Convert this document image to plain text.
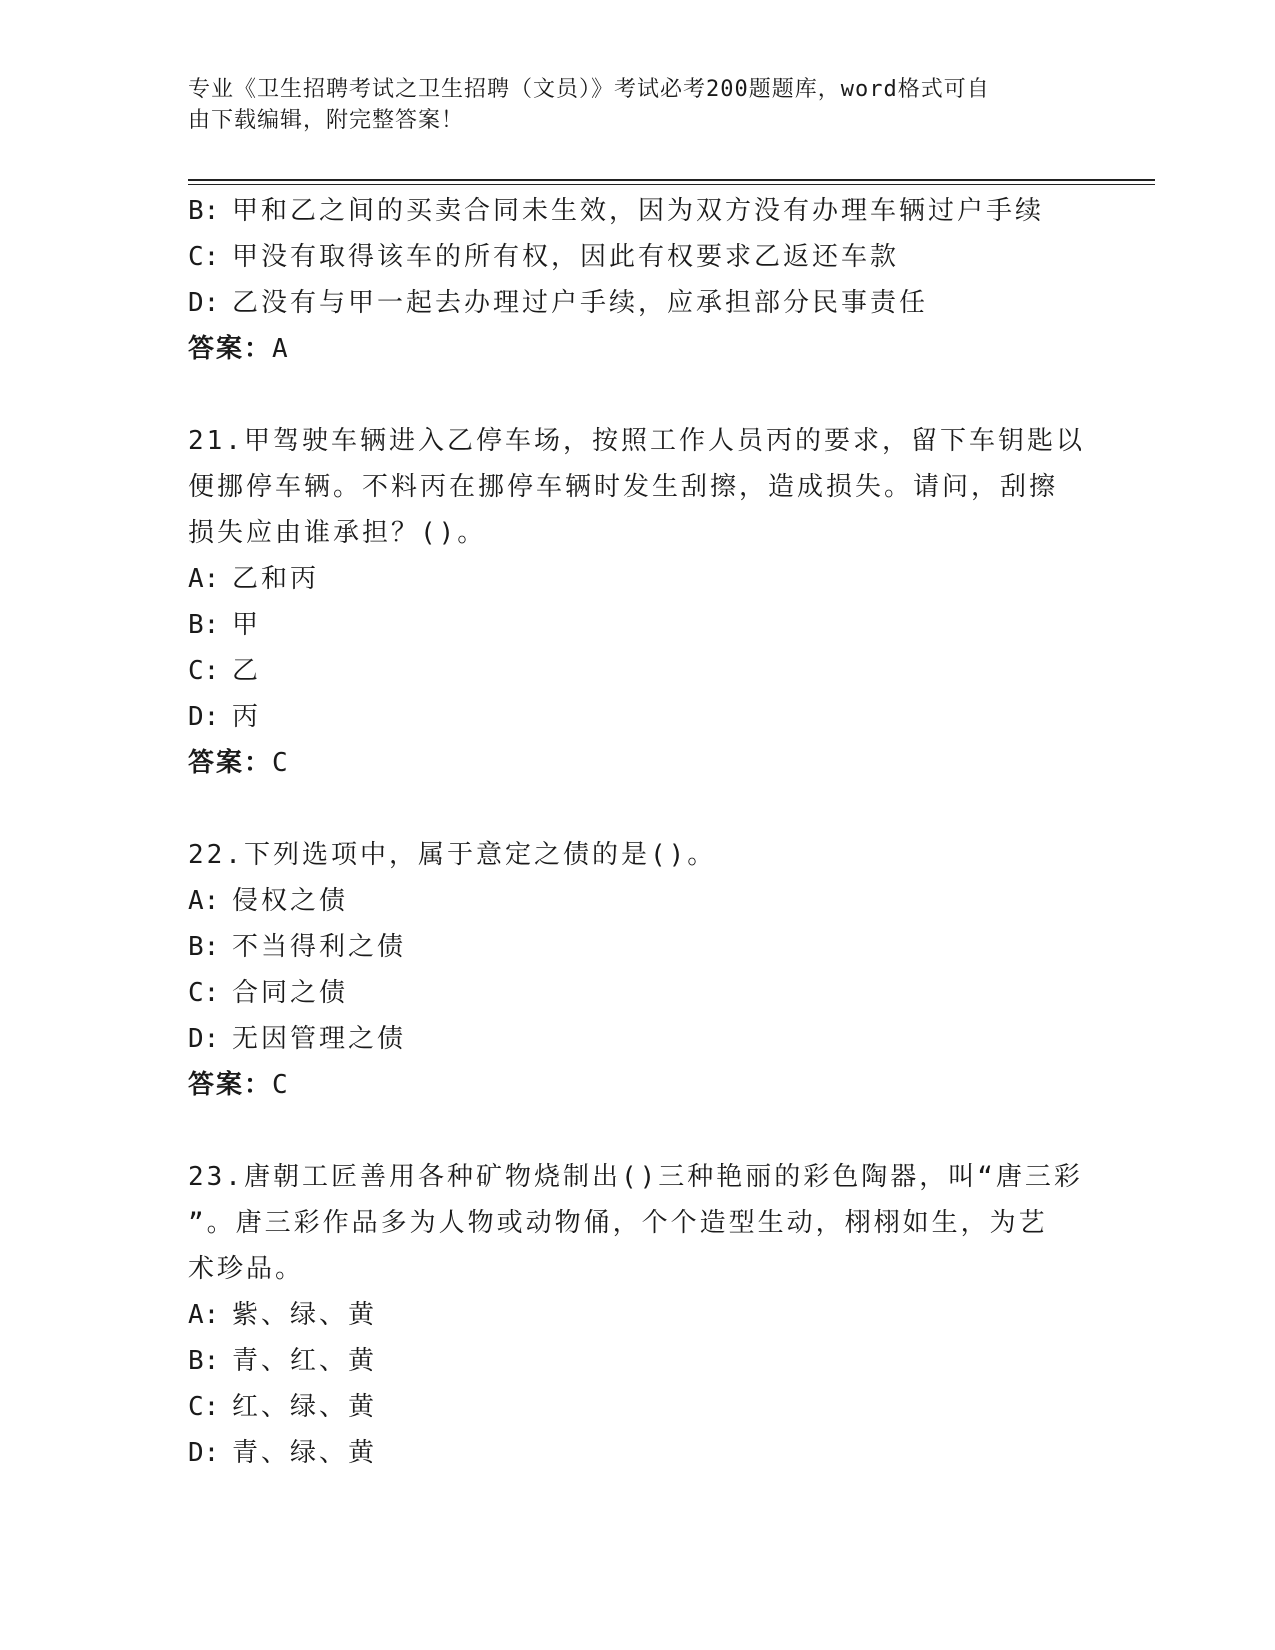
专业《卫生招聘考试之卫生招聘（文员）》考试必考200题题库，word格式可自
由下载编辑，附完整答案！

B: 甲和乙之间的买卖合同未生效，因为双方没有办理车辆过户手续

C: 甲没有取得该车的所有权，因此有权要求乙返还车款

D: 乙没有与甲一起去办理过户手续，应承担部分民事责任

答案：A

21.甲驾驶车辆进入乙停车场，按照工作人员丙的要求，留下车钥匙以

便挪停车辆。不料丙在挪停车辆时发生刮擦，造成损失。请问，刮擦

损失应由谁承担？()。

A: 乙和丙

B: 甲

C: 乙

D: 丙

答案：C

22.下列选项中，属于意定之债的是()。

A: 侵权之债

B: 不当得利之债

C: 合同之债

D: 无因管理之债

答案：C

23.唐朝工匠善用各种矿物烧制出()三种艳丽的彩色陶器，叫“唐三彩

”。唐三彩作品多为人物或动物俑，个个造型生动，栩栩如生，为艺

术珍品。

A: 紫、绿、黄

B: 青、红、黄

C: 红、绿、黄

D: 青、绿、黄
